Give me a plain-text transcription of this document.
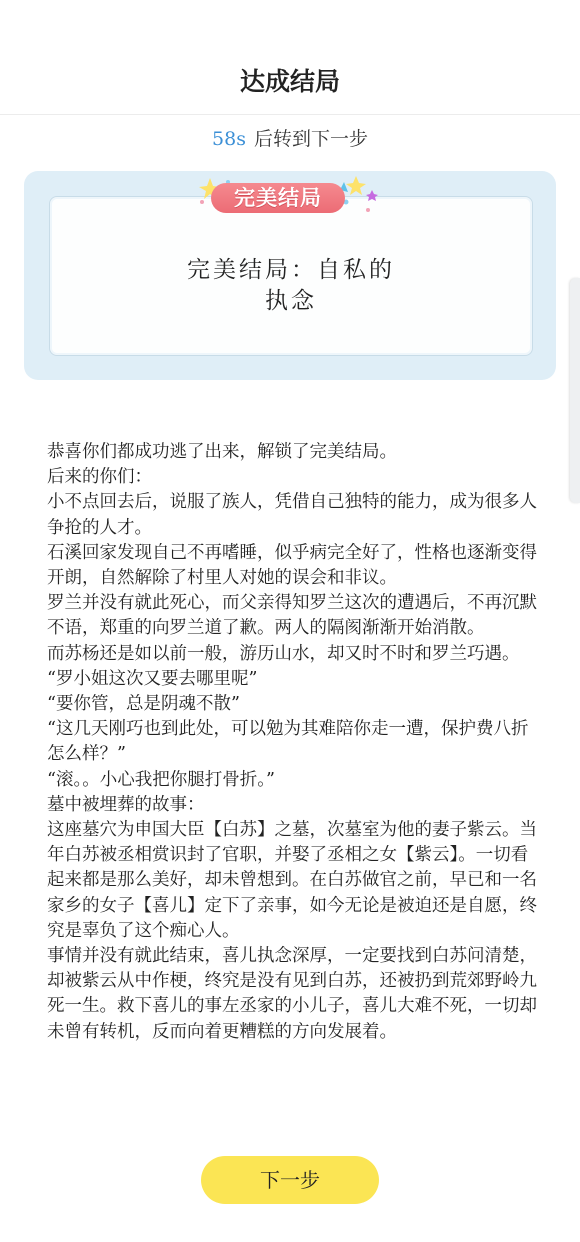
达成结局
58s 后转到下一步
完美结局：自私的
执念
完美结局

恭喜你们都成功逃了出来，解锁了完美结局。

后来的你们：

小不点回去后，说服了族人，凭借自己独特的能力，成为很多人争抢的人才。

石溪回家发现自己不再嗜睡，似乎病完全好了，性格也逐渐变得开朗，自然解除了村里人对她的误会和非议。

罗兰并没有就此死心，而父亲得知罗兰这次的遭遇后，不再沉默不语，郑重的向罗兰道了歉。两人的隔阂渐渐开始消散。

而苏杨还是如以前一般，游历山水，却又时不时和罗兰巧遇。

“罗小姐这次又要去哪里呢”

“要你管，总是阴魂不散”

“这几天刚巧也到此处，可以勉为其难陪你走一遭，保护费八折怎么样？”

“滚。。小心我把你腿打骨折。”

墓中被埋葬的故事：

这座墓穴为申国大臣【白苏】之墓，次墓室为他的妻子紫云。当年白苏被丞相赏识封了官职，并娶了丞相之女【紫云】。一切看起来都是那么美好，却未曾想到。在白苏做官之前，早已和一名家乡的女子【喜儿】定下了亲事，如今无论是被迫还是自愿，终究是辜负了这个痴心人。

事情并没有就此结束，喜儿执念深厚，一定要找到白苏问清楚，却被紫云从中作梗，终究是没有见到白苏，还被扔到荒郊野岭九死一生。救下喜儿的事左丞家的小儿子，喜儿大难不死，一切却未曾有转机，反而向着更糟糕的方向发展着。

下一步
